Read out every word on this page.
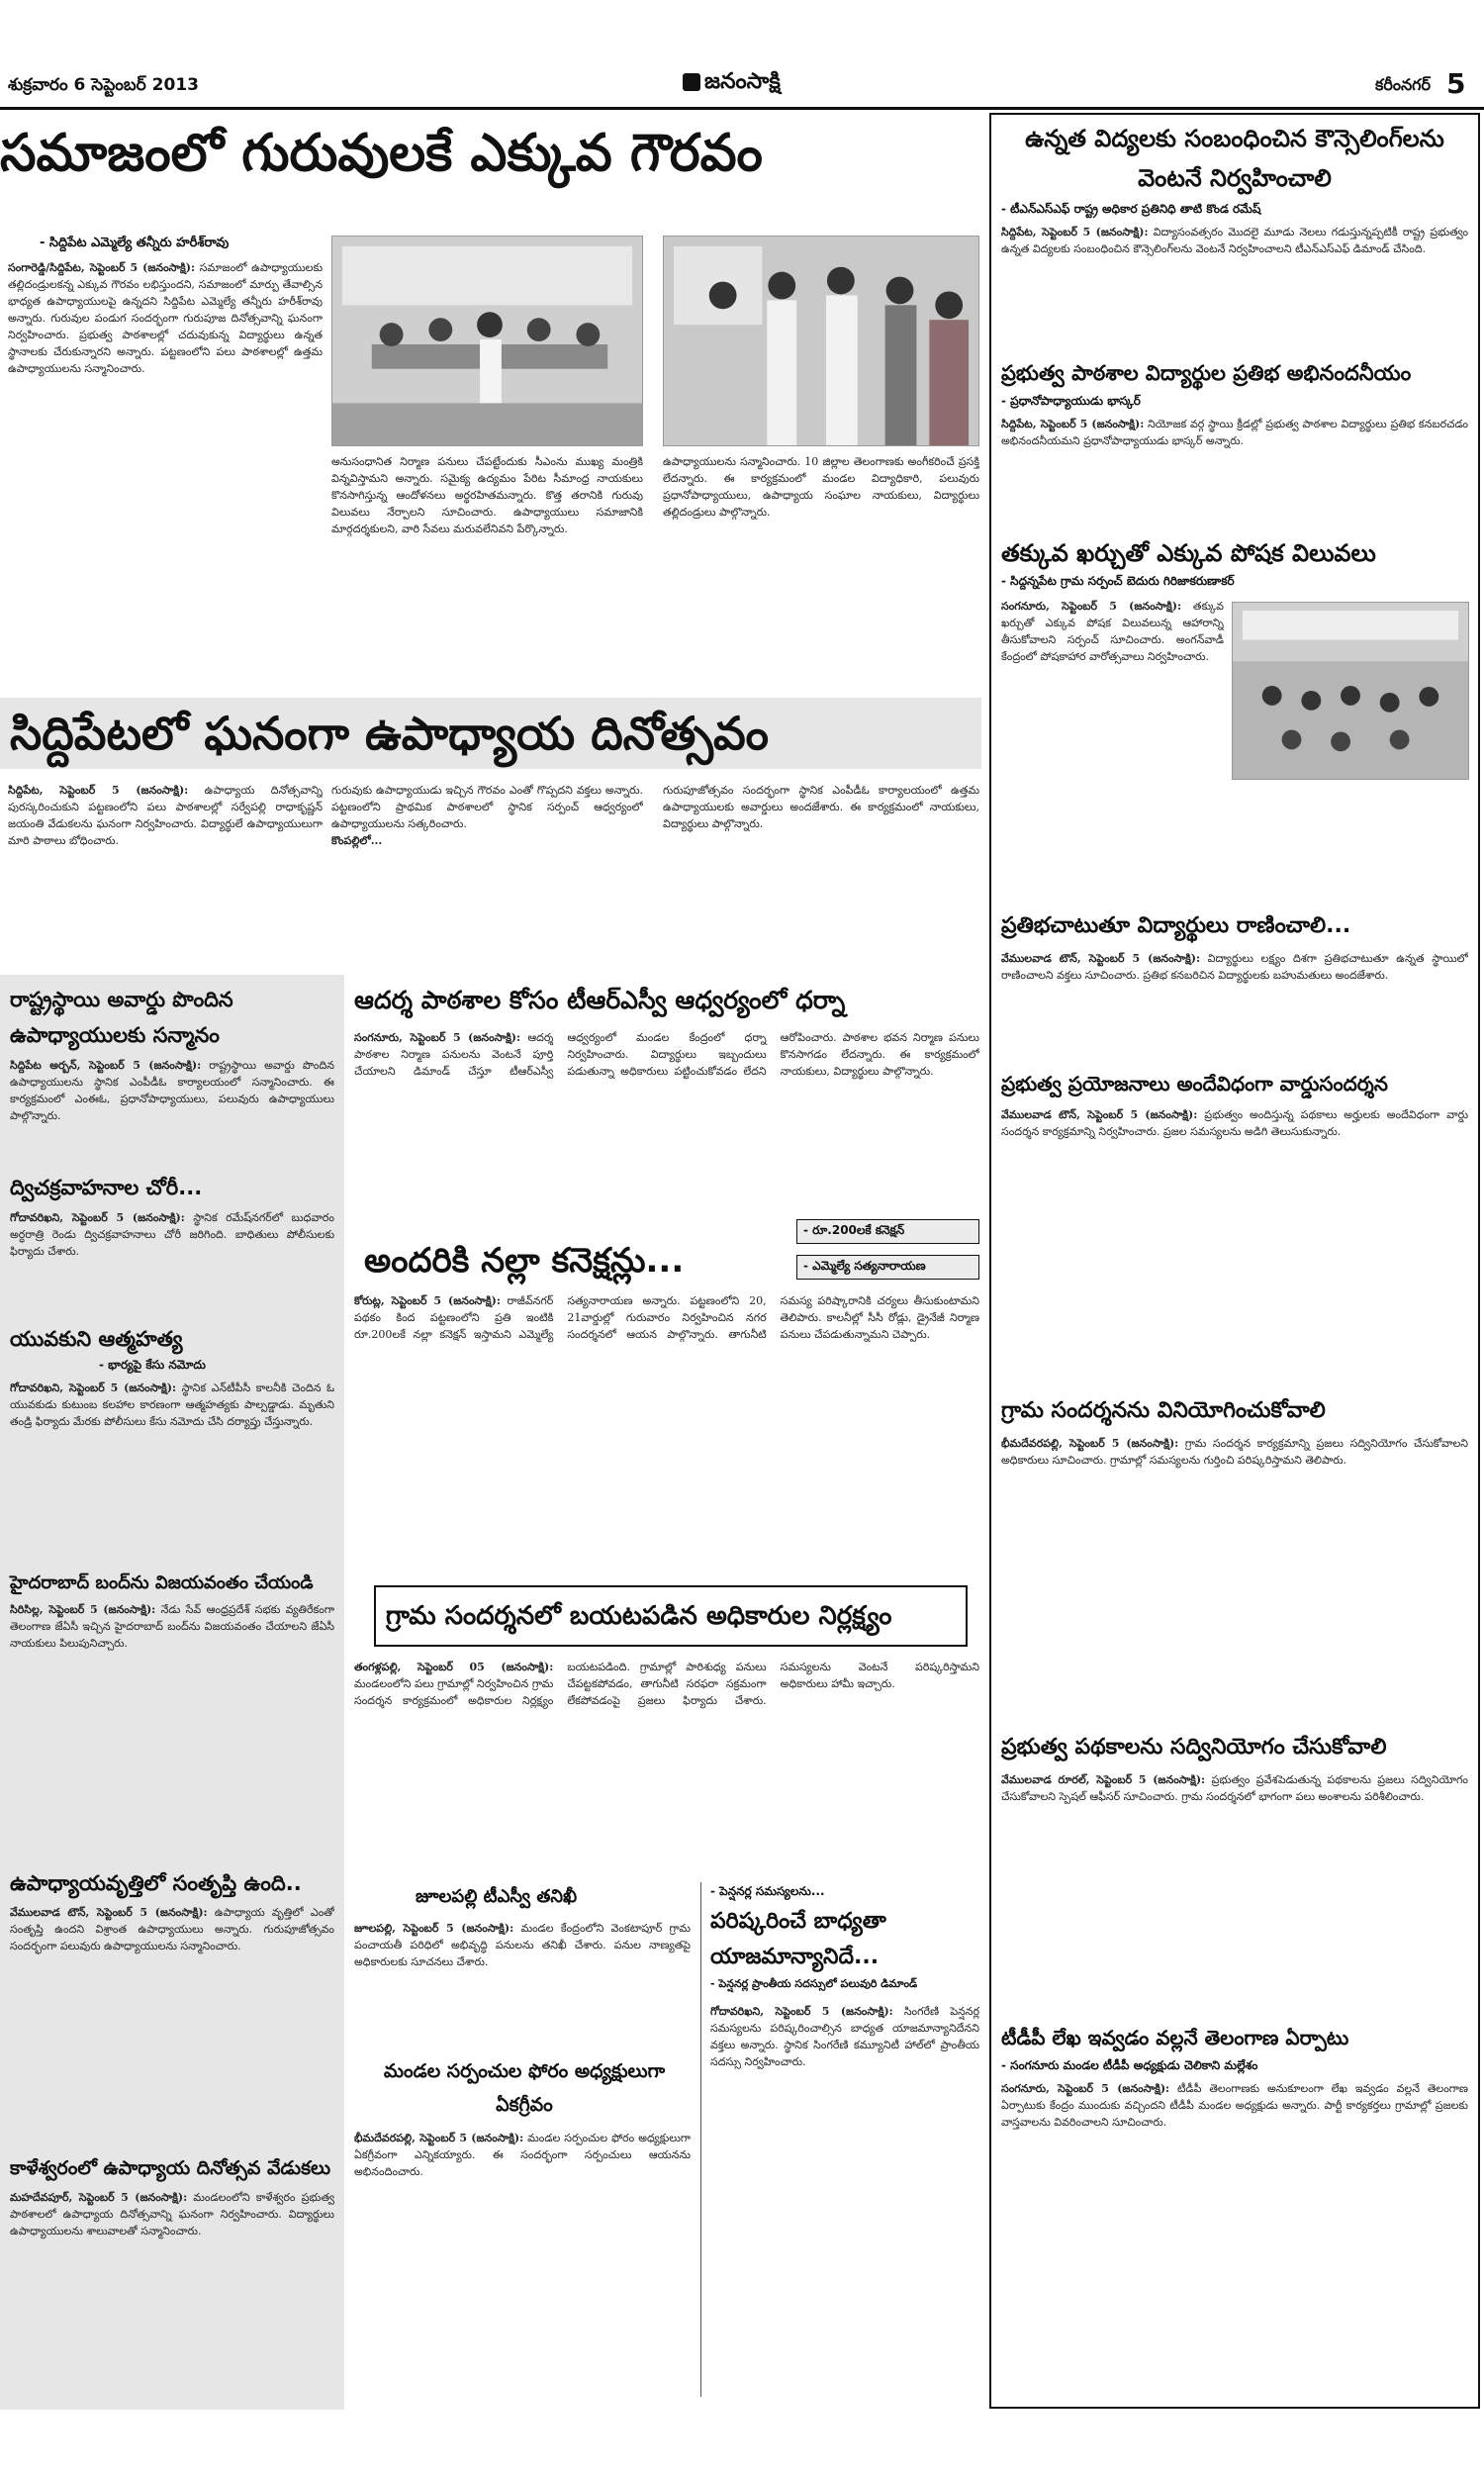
శుక్రవారం 6 సెప్టెంబర్ 2013	జనంసాక్షి	కరీంనగర్ 5
సమాజంలో గురువులకే ఎక్కువ గౌరవం
- సిద్దిపేట ఎమ్మెల్యే తన్నీరు హరీశ్‌రావు
సంగారెడ్డి/సిద్దిపేట, సెప్టెంబర్ 5 (జనంసాక్షి): సమాజంలో ఉపాధ్యాయులకు తల్లిదండ్రులకన్న ఎక్కువ గౌరవం లభిస్తుందని, సమాజంలో మార్పు తేవాల్సిన భాధ్యత ఉపాధ్యాయులపై ఉన్నదని సిద్దిపేట ఎమ్మెల్యే తన్నీరు హరీశ్‌రావు అన్నారు. గురువుల పండుగ సందర్భంగా గురుపూజ దినోత్సవాన్ని ఘనంగా నిర్వహించారు. ప్రభుత్వ పాఠశాలల్లో చదువుకున్న విద్యార్థులు ఉన్నత స్థానాలకు చేరుకున్నారని అన్నారు. పట్టణంలోని పలు పాఠశాలల్లో ఉత్తమ ఉపాధ్యాయులను సన్మానించారు.
అనుసంధానిత నిర్మాణ పనులు చేపట్టేందుకు సీఎంను ముఖ్య మంత్రికి విన్నవిస్తామని అన్నారు. సమైక్య ఉద్యమం పేరిట సీమాంధ్ర నాయకులు కొనసాగిస్తున్న ఆందోళనలు అర్థరహితమన్నారు. కొత్త తరానికి గురువు విలువలు నేర్పాలని సూచించారు. ఉపాధ్యాయులు సమాజానికి మార్గదర్శకులని, వారి సేవలు మరువలేనివని పేర్కొన్నారు.
ఉపాధ్యాయులను సన్మానించారు. 10 జిల్లాల తెలంగాణకు అంగీకరించే ప్రసక్తి లేదన్నారు. ఈ కార్యక్రమంలో మండల విద్యాధికారి, పలువురు ప్రధానోపాధ్యాయులు, ఉపాధ్యాయ సంఘాల నాయకులు, విద్యార్థులు తల్లిదండ్రులు పాల్గొన్నారు.
సిద్దిపేటలో ఘనంగా ఉపాధ్యాయ దినోత్సవం
సిద్దిపేట, సెప్టెంబర్ 5 (జనంసాక్షి): ఉపాధ్యాయ దినోత్సవాన్ని పురస్కరించుకుని పట్టణంలోని పలు పాఠశాలల్లో సర్వేపల్లి రాధాకృష్ణన్ జయంతి వేడుకలను ఘనంగా నిర్వహించారు. విద్యార్థులే ఉపాధ్యాయులుగా మారి పాఠాలు బోధించారు.
గురువుకు ఉపాధ్యాయుడు ఇచ్చిన గౌరవం ఎంతో గొప్పదని వక్తలు అన్నారు. పట్టణంలోని ప్రాథమిక పాఠశాలలో స్థానిక సర్పంచ్ ఆధ్వర్యంలో ఉపాధ్యాయులను సత్కరించారు.
కొంపల్లిలో...
గురుపూజోత్సవం సందర్భంగా స్థానిక ఎంపీడీఓ కార్యాలయంలో ఉత్తమ ఉపాధ్యాయులకు అవార్డులు అందజేశారు. ఈ కార్యక్రమంలో నాయకులు, విద్యార్థులు పాల్గొన్నారు.
రాష్ట్రస్థాయి అవార్డు పొందిన ఉపాధ్యాయులకు సన్మానం
సిద్దిపేట అర్బన్, సెప్టెంబర్ 5 (జనంసాక్షి): రాష్ట్రస్థాయి అవార్డు పొందిన ఉపాధ్యాయులను స్థానిక ఎంపీడీఓ కార్యాలయంలో సన్మానించారు. ఈ కార్యక్రమంలో ఎంఈఓ, ప్రధానోపాధ్యాయులు, పలువురు ఉపాధ్యాయులు పాల్గొన్నారు.
ద్విచక్రవాహనాల చోరీ...
గోదావరిఖని, సెప్టెంబర్ 5 (జనంసాక్షి): స్థానిక రమేష్‌నగర్‌లో బుధవారం అర్ధరాత్రి రెండు ద్విచక్రవాహనాలు చోరీ జరిగింది. బాధితులు పోలీసులకు ఫిర్యాదు చేశారు.
యువకుని ఆత్మహత్య
- భార్యపై కేసు నమోదు
గోదావరిఖని, సెప్టెంబర్ 5 (జనంసాక్షి): స్థానిక ఎన్‌టీపీసీ కాలనీకి చెందిన ఓ యువకుడు కుటుంబ కలహాల కారణంగా ఆత్మహత్యకు పాల్పడ్డాడు. మృతుని తండ్రి ఫిర్యాదు మేరకు పోలీసులు కేసు నమోదు చేసి దర్యాప్తు చేస్తున్నారు.
హైదరాబాద్ బంద్‌ను విజయవంతం చేయండి
సిరిసిల్ల, సెప్టెంబర్ 5 (జనంసాక్షి): నేడు సేవ్ ఆంధ్రప్రదేశ్ సభకు వ్యతిరేకంగా తెలంగాణ జేఏసీ ఇచ్చిన హైదరాబాద్ బంద్‌ను విజయవంతం చేయాలని జేఏసీ నాయకులు పిలుపునిచ్చారు.
ఉపాధ్యాయవృత్తిలో సంతృప్తి ఉంది..
వేములవాడ టౌన్, సెప్టెంబర్ 5 (జనంసాక్షి): ఉపాధ్యాయ వృత్తిలో ఎంతో సంతృప్తి ఉందని విశ్రాంత ఉపాధ్యాయులు అన్నారు. గురుపూజోత్సవం సందర్భంగా పలువురు ఉపాధ్యాయులను సన్మానించారు.
కాళేశ్వరంలో ఉపాధ్యాయ దినోత్సవ వేడుకలు
మహదేవపూర్, సెప్టెంబర్ 5 (జనంసాక్షి): మండలంలోని కాళేశ్వరం ప్రభుత్వ పాఠశాలలో ఉపాధ్యాయ దినోత్సవాన్ని ఘనంగా నిర్వహించారు. విద్యార్థులు ఉపాధ్యాయులను శాలువాలతో సన్మానించారు.
ఆదర్శ పాఠశాల కోసం టీఆర్ఎస్వీ ఆధ్వర్యంలో ధర్నా
సంగనూరు, సెప్టెంబర్ 5 (జనంసాక్షి): ఆదర్శ పాఠశాల నిర్మాణ పనులను వెంటనే పూర్తి చేయాలని డిమాండ్ చేస్తూ టీఆర్ఎస్వీ ఆధ్వర్యంలో మండల కేంద్రంలో ధర్నా నిర్వహించారు. విద్యార్థులు ఇబ్బందులు పడుతున్నా అధికారులు పట్టించుకోవడం లేదని ఆరోపించారు. పాఠశాల భవన నిర్మాణ పనులు కొనసాగడం లేదన్నారు. ఈ కార్యక్రమంలో నాయకులు, విద్యార్థులు పాల్గొన్నారు.
అందరికి నల్లా కనెక్షన్లు...
- రూ.200లకే కనెక్షన్
- ఎమ్మెల్యే సత్యనారాయణ
కోరుట్ల, సెప్టెంబర్ 5 (జనంసాక్షి): రాజీవ్‌నగర్ పథకం కింద పట్టణంలోని ప్రతి ఇంటికి రూ.200లకే నల్లా కనెక్షన్ ఇస్తామని ఎమ్మెల్యే సత్యనారాయణ అన్నారు. పట్టణంలోని 20, 21వార్డుల్లో గురువారం నిర్వహించిన నగర సందర్శనలో ఆయన పాల్గొన్నారు. తాగునీటి సమస్య పరిష్కారానికి చర్యలు తీసుకుంటామని తెలిపారు. కాలనీల్లో సీసీ రోడ్లు, డ్రైనేజీ నిర్మాణ పనులు చేపడుతున్నామని చెప్పారు.
గ్రామ సందర్శనలో బయటపడిన అధికారుల నిర్లక్ష్యం
తంగళ్లపల్లి, సెప్టెంబర్ 05 (జనంసాక్షి): మండలంలోని పలు గ్రామాల్లో నిర్వహించిన గ్రామ సందర్శన కార్యక్రమంలో అధికారుల నిర్లక్ష్యం బయటపడింది. గ్రామాల్లో పారిశుధ్య పనులు చేపట్టకపోవడం, తాగునీటి సరఫరా సక్రమంగా లేకపోవడంపై ప్రజలు ఫిర్యాదు చేశారు. సమస్యలను వెంటనే పరిష్కరిస్తామని అధికారులు హామీ ఇచ్చారు.
జూలపల్లి టీఎస్వీ తనిఖీ
జూలపల్లి, సెప్టెంబర్ 5 (జనంసాక్షి): మండల కేంద్రంలోని వెంకటాపూర్ గ్రామ పంచాయతీ పరిధిలో అభివృద్ధి పనులను తనిఖీ చేశారు. పనుల నాణ్యతపై అధికారులకు సూచనలు చేశారు.
మండల సర్పంచుల ఫోరం అధ్యక్షులుగా ఏకగ్రీవం
భీమదేవరపల్లి, సెప్టెంబర్ 5 (జనంసాక్షి): మండల సర్పంచుల ఫోరం అధ్యక్షులుగా ఏకగ్రీవంగా ఎన్నికయ్యారు. ఈ సందర్భంగా సర్పంచులు ఆయనను అభినందించారు.
- పెన్షనర్ల సమస్యలను...
పరిష్కరించే బాధ్యతా యాజమాన్యానిదే...
- పెన్షనర్ల ప్రాంతీయ సదస్సులో పలువురి డిమాండ్
గోదావరిఖని, సెప్టెంబర్ 5 (జనంసాక్షి): సింగరేణి పెన్షనర్ల సమస్యలను పరిష్కరించాల్సిన బాధ్యత యాజమాన్యానిదేనని వక్తలు అన్నారు. స్థానిక సింగరేణి కమ్యూనిటీ హాల్‌లో ప్రాంతీయ సదస్సు నిర్వహించారు.
ఉన్నత విద్యలకు సంబంధించిన కౌన్సెలింగ్‌లను వెంటనే నిర్వహించాలి
- టీఎన్ఎస్ఎఫ్ రాష్ట్ర అధికార ప్రతినిధి తాటి కొండ రమేష్
సిద్దిపేట, సెప్టెంబర్ 5 (జనంసాక్షి): విద్యాసంవత్సరం మొదలై మూడు నెలలు గడుస్తున్నప్పటికీ రాష్ట్ర ప్రభుత్వం ఉన్నత విద్యలకు సంబంధించిన కౌన్సెలింగ్‌లను వెంటనే నిర్వహించాలని టీఎన్ఎస్ఎఫ్ డిమాండ్ చేసింది.
ప్రభుత్వ పాఠశాల విద్యార్థుల ప్రతిభ అభినందనీయం
- ప్రధానోపాధ్యాయుడు భాస్కర్
సిద్దిపేట, సెప్టెంబర్ 5 (జనంసాక్షి): నియోజక వర్గ స్థాయి క్రీడల్లో ప్రభుత్వ పాఠశాల విద్యార్థులు ప్రతిభ కనబరచడం అభినందనీయమని ప్రధానోపాధ్యాయుడు భాస్కర్ అన్నారు.
తక్కువ ఖర్చుతో ఎక్కువ పోషక విలువలు
- సిద్దన్నపేట గ్రామ సర్పంచ్ బెదురు గిరిజాకరుణాకర్
సంగనూరు, సెప్టెంబర్ 5 (జనంసాక్షి): తక్కువ ఖర్చుతో ఎక్కువ పోషక విలువలున్న ఆహారాన్ని తీసుకోవాలని సర్పంచ్ సూచించారు. అంగన్‌వాడీ కేంద్రంలో పోషకాహార వారోత్సవాలు నిర్వహించారు.
ప్రతిభచాటుతూ విద్యార్థులు రాణించాలి...
వేములవాడ టౌన్, సెప్టెంబర్ 5 (జనంసాక్షి): విద్యార్థులు లక్ష్యం దిశగా ప్రతిభచాటుతూ ఉన్నత స్థాయిలో రాణించాలని వక్తలు సూచించారు. ప్రతిభ కనబరిచిన విద్యార్థులకు బహుమతులు అందజేశారు.
ప్రభుత్వ ప్రయోజనాలు అందేవిధంగా వార్డుసందర్శన
వేములవాడ టౌన్, సెప్టెంబర్ 5 (జనంసాక్షి): ప్రభుత్వం అందిస్తున్న పథకాలు అర్హులకు అందేవిధంగా వార్డు సందర్శన కార్యక్రమాన్ని నిర్వహించారు. ప్రజల సమస్యలను అడిగి తెలుసుకున్నారు.
గ్రామ సందర్శనను వినియోగించుకోవాలి
భీమదేవరపల్లి, సెప్టెంబర్ 5 (జనంసాక్షి): గ్రామ సందర్శన కార్యక్రమాన్ని ప్రజలు సద్వినియోగం చేసుకోవాలని అధికారులు సూచించారు. గ్రామాల్లో సమస్యలను గుర్తించి పరిష్కరిస్తామని తెలిపారు.
ప్రభుత్వ పథకాలను సద్వినియోగం చేసుకోవాలి
వేములవాడ రూరల్, సెప్టెంబర్ 5 (జనంసాక్షి): ప్రభుత్వం ప్రవేశపెడుతున్న పథకాలను ప్రజలు సద్వినియోగం చేసుకోవాలని స్పెషల్ ఆఫీసర్ సూచించారు. గ్రామ సందర్శనలో భాగంగా పలు అంశాలను పరిశీలించారు.
టీడీపీ లేఖ ఇవ్వడం వల్లనే తెలంగాణ ఏర్పాటు
- సంగనూరు మండల టీడీపీ అధ్యక్షుడు చెలికాని మల్లేశం
సంగనూరు, సెప్టెంబర్ 5 (జనంసాక్షి): టీడీపీ తెలంగాణకు అనుకూలంగా లేఖ ఇవ్వడం వల్లనే తెలంగాణ ఏర్పాటుకు కేంద్రం ముందుకు వచ్చిందని టీడీపీ మండల అధ్యక్షుడు అన్నారు. పార్టీ కార్యకర్తలు గ్రామాల్లో ప్రజలకు వాస్తవాలను వివరించాలని సూచించారు.
